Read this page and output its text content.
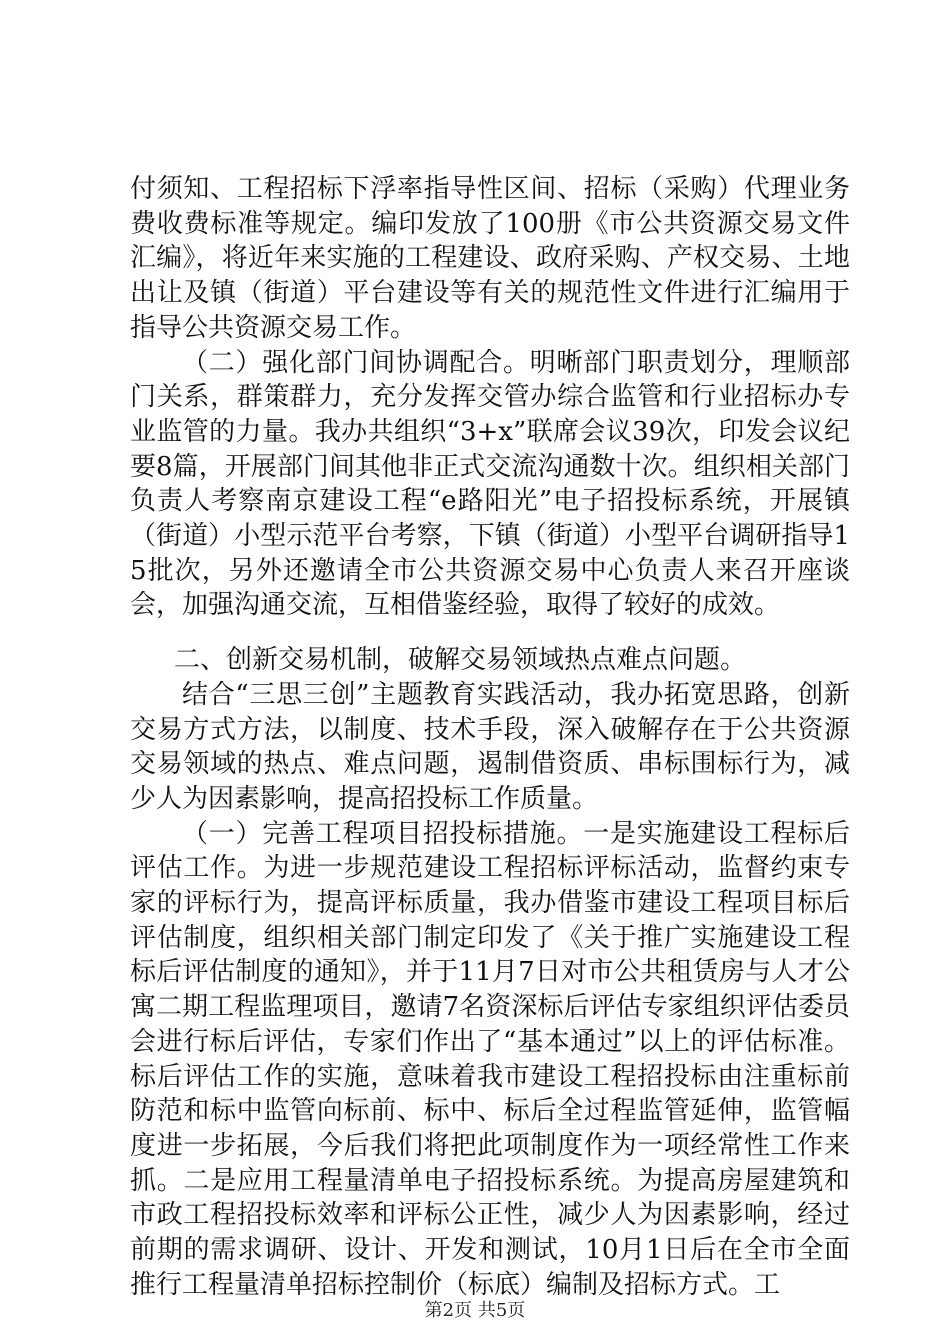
付须知、工程招标下浮率指导性区间、招标（采购）代理业务费收费标准等规定。编印发放了100册《市公共资源交易文件汇编》，将近年来实施的工程建设、政府采购、产权交易、土地出让及镇（街道）平台建设等有关的规范性文件进行汇编用于指导公共资源交易工作。

（二）强化部门间协调配合。明晰部门职责划分，理顺部门关系，群策群力，充分发挥交管办综合监管和行业招标办专业监管的力量。我办共组织“3+x”联席会议39次，印发会议纪要8篇，开展部门间其他非正式交流沟通数十次。组织相关部门负责人考察南京建设工程“e路阳光”电子招投标系统，开展镇（街道）小型示范平台考察，下镇（街道）小型平台调研指导15批次，另外还邀请全市公共资源交易中心负责人来召开座谈会，加强沟通交流，互相借鉴经验，取得了较好的成效。

二、创新交易机制，破解交易领域热点难点问题。

结合“三思三创”主题教育实践活动，我办拓宽思路，创新交易方式方法，以制度、技术手段，深入破解存在于公共资源交易领域的热点、难点问题，遏制借资质、串标围标行为，减少人为因素影响，提高招投标工作质量。

（一）完善工程项目招投标措施。一是实施建设工程标后评估工作。为进一步规范建设工程招标评标活动，监督约束专家的评标行为，提高评标质量，我办借鉴市建设工程项目标后评估制度，组织相关部门制定印发了《关于推广实施建设工程标后评估制度的通知》，并于11月7日对市公共租赁房与人才公寓二期工程监理项目，邀请7名资深标后评估专家组织评估委员会进行标后评估，专家们作出了“基本通过”以上的评估标准。标后评估工作的实施，意味着我市建设工程招投标由注重标前防范和标中监管向标前、标中、标后全过程监管延伸，监管幅度进一步拓展，今后我们将把此项制度作为一项经常性工作来抓。二是应用工程量清单电子招投标系统。为提高房屋建筑和市政工程招投标效率和评标公正性，减少人为因素影响，经过前期的需求调研、设计、开发和测试，10月1日后在全市全面推行工程量清单招标控制价（标底）编制及招标方式。工

第2页 共5页
